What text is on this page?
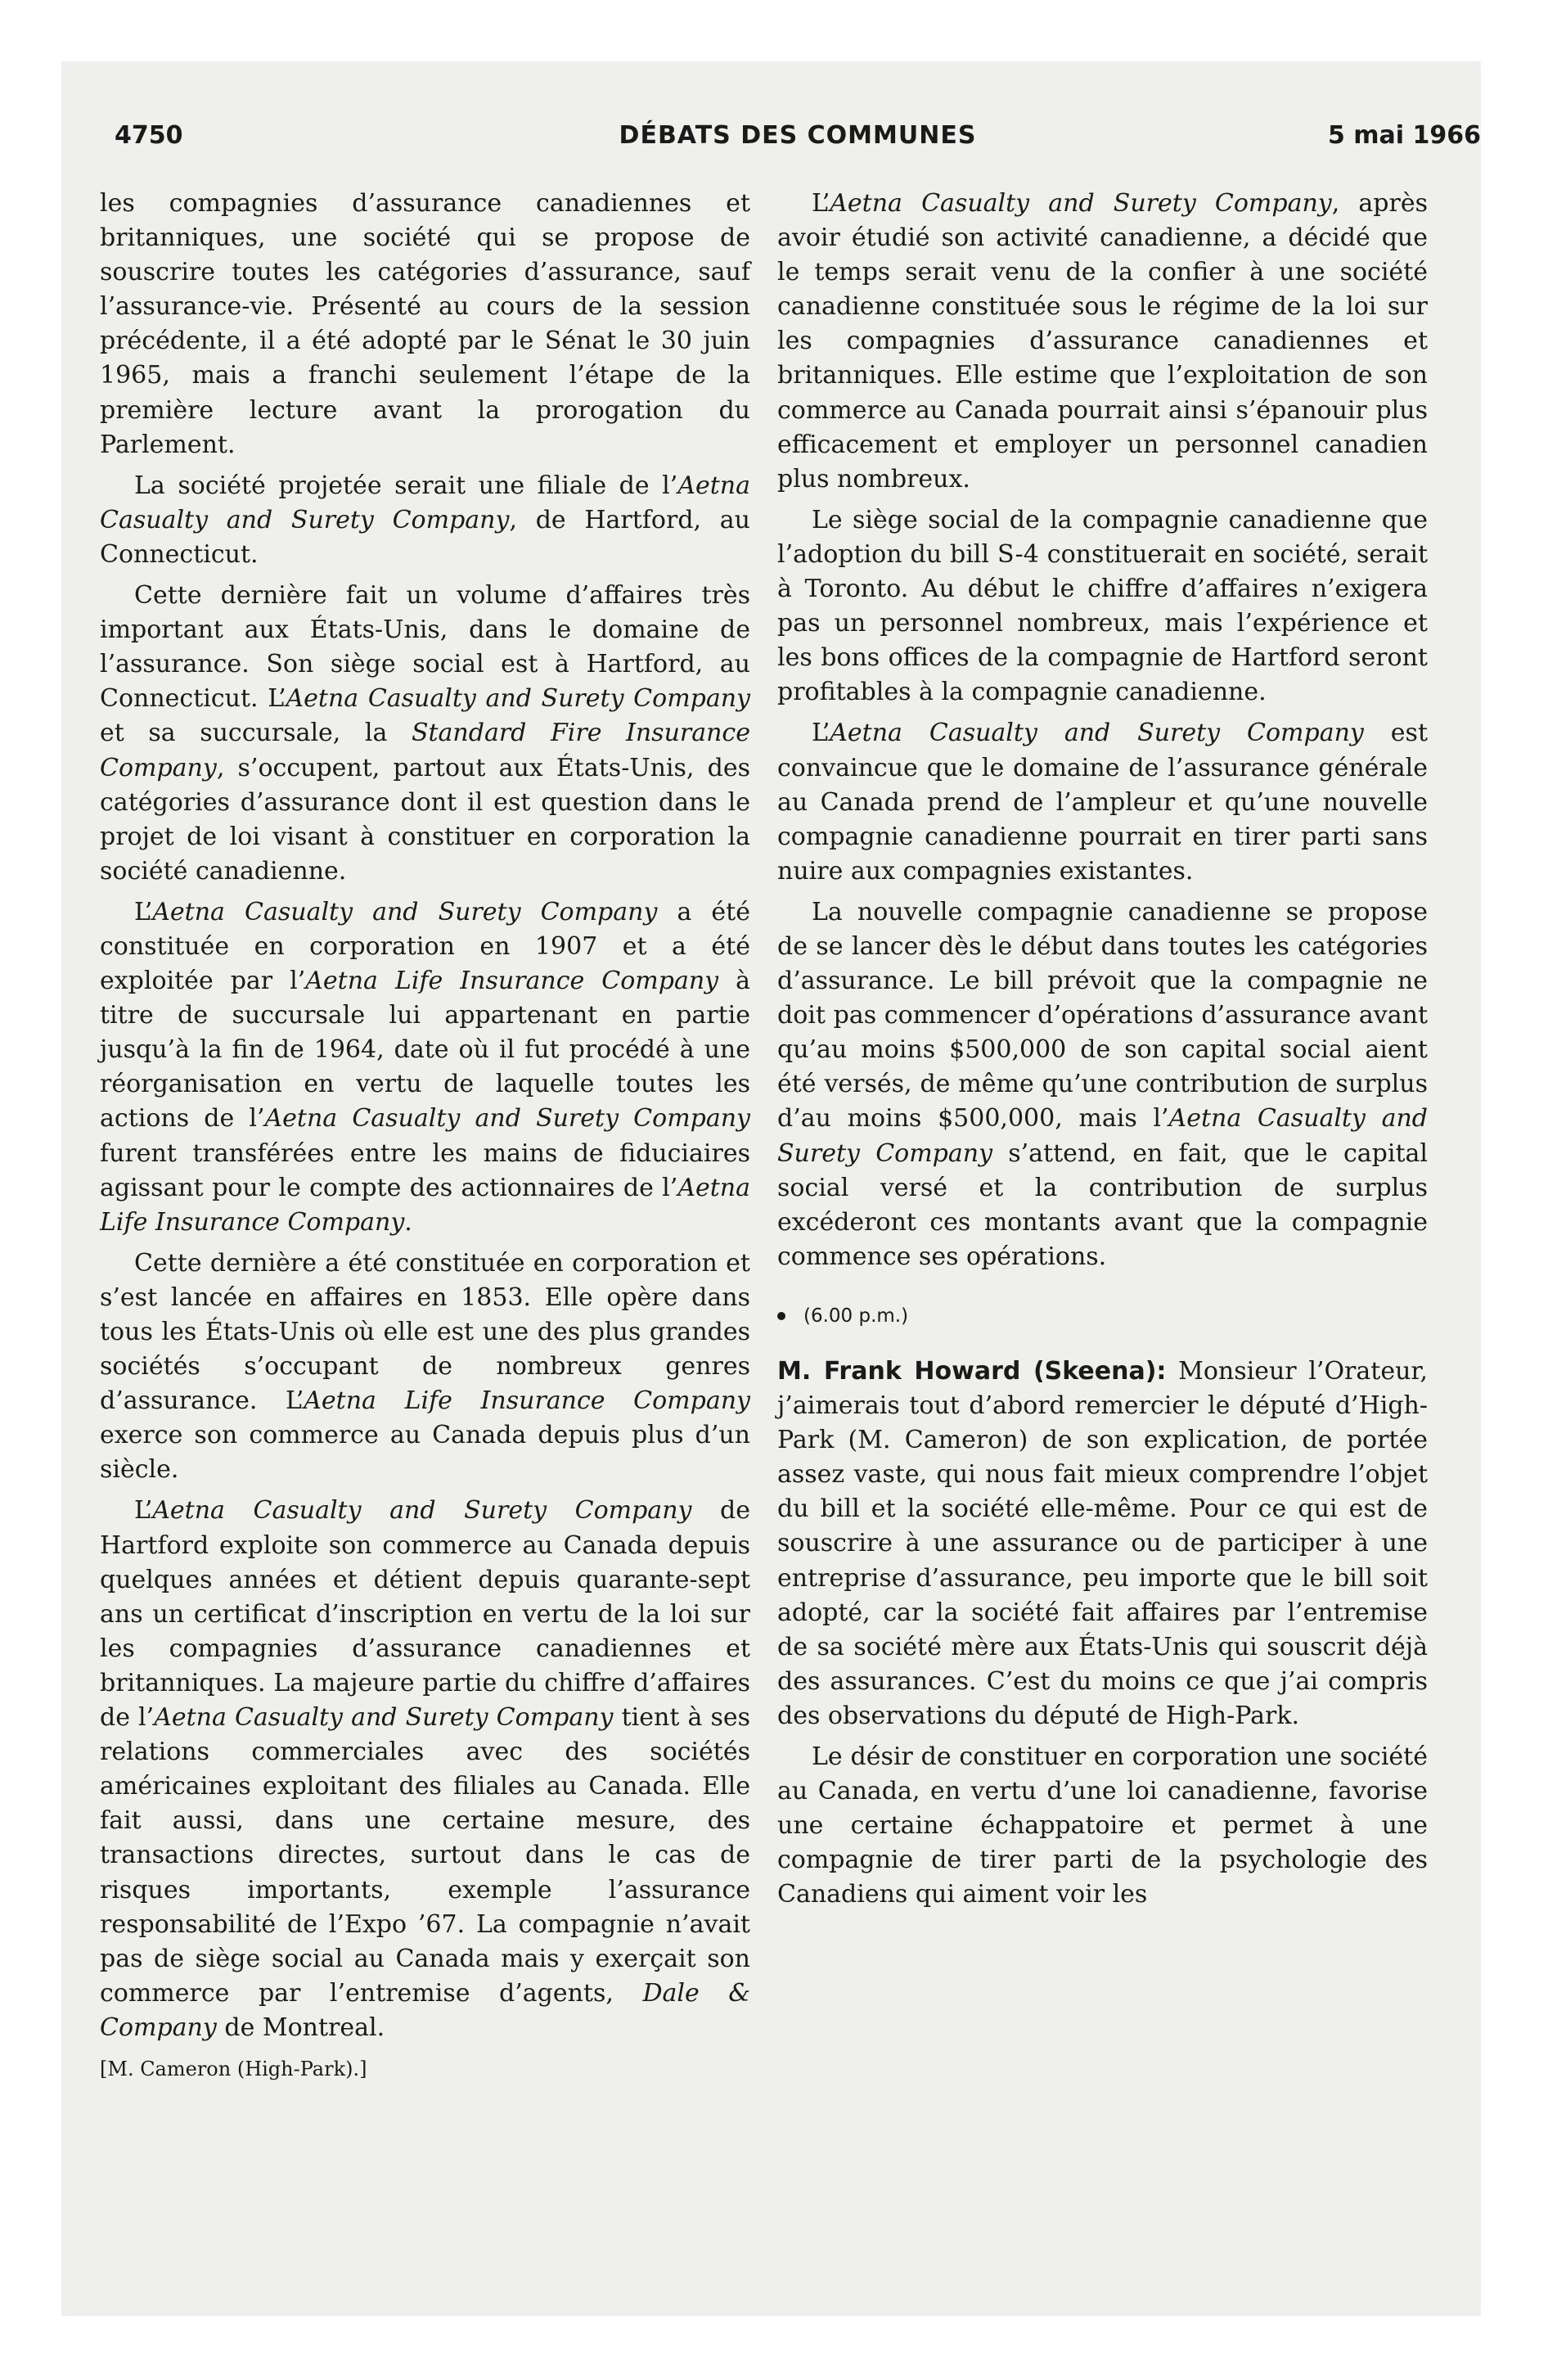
4750	DÉBATS DES COMMUNES	5 mai 1966

les compagnies d’assurance canadiennes et britanniques, une société qui se propose de souscrire toutes les catégories d’assurance, sauf l’assurance-vie. Présenté au cours de la session précédente, il a été adopté par le Sénat le 30 juin 1965, mais a franchi seulement l’étape de la première lecture avant la prorogation du Parlement.

La société projetée serait une filiale de l’Aetna Casualty and Surety Company, de Hartford, au Connecticut.

Cette dernière fait un volume d’affaires très important aux États-Unis, dans le domaine de l’assurance. Son siège social est à Hartford, au Connecticut. L’Aetna Casualty and Surety Company et sa succursale, la Standard Fire Insurance Company, s’occupent, partout aux États-Unis, des catégories d’assurance dont il est question dans le projet de loi visant à constituer en corporation la société canadienne.

L’Aetna Casualty and Surety Company a été constituée en corporation en 1907 et a été exploitée par l’Aetna Life Insurance Company à titre de succursale lui appartenant en partie jusqu’à la fin de 1964, date où il fut procédé à une réorganisation en vertu de laquelle toutes les actions de l’Aetna Casualty and Surety Company furent transférées entre les mains de fiduciaires agissant pour le compte des actionnaires de l’Aetna Life Insurance Company.

Cette dernière a été constituée en corporation et s’est lancée en affaires en 1853. Elle opère dans tous les États-Unis où elle est une des plus grandes sociétés s’occupant de nombreux genres d’assurance. L’Aetna Life Insurance Company exerce son commerce au Canada depuis plus d’un siècle.

L’Aetna Casualty and Surety Company de Hartford exploite son commerce au Canada depuis quelques années et détient depuis quarante-sept ans un certificat d’inscription en vertu de la loi sur les compagnies d’assurance canadiennes et britanniques. La majeure partie du chiffre d’affaires de l’Aetna Casualty and Surety Company tient à ses relations commerciales avec des sociétés américaines exploitant des filiales au Canada. Elle fait aussi, dans une certaine mesure, des transactions directes, surtout dans le cas de risques importants, exemple l’assurance responsabilité de l’Expo ’67. La compagnie n’avait pas de siège social au Canada mais y exerçait son commerce par l’entremise d’agents, Dale & Company de Montreal.

[M. Cameron (High-Park).]

L’Aetna Casualty and Surety Company, après avoir étudié son activité canadienne, a décidé que le temps serait venu de la confier à une société canadienne constituée sous le régime de la loi sur les compagnies d’assurance canadiennes et britanniques. Elle estime que l’exploitation de son commerce au Canada pourrait ainsi s’épanouir plus efficacement et employer un personnel canadien plus nombreux.

Le siège social de la compagnie canadienne que l’adoption du bill S-4 constituerait en société, serait à Toronto. Au début le chiffre d’affaires n’exigera pas un personnel nombreux, mais l’expérience et les bons offices de la compagnie de Hartford seront profitables à la compagnie canadienne.

L’Aetna Casualty and Surety Company est convaincue que le domaine de l’assurance générale au Canada prend de l’ampleur et qu’une nouvelle compagnie canadienne pourrait en tirer parti sans nuire aux compagnies existantes.

La nouvelle compagnie canadienne se propose de se lancer dès le début dans toutes les catégories d’assurance. Le bill prévoit que la compagnie ne doit pas commencer d’opérations d’assurance avant qu’au moins $500,000 de son capital social aient été versés, de même qu’une contribution de surplus d’au moins $500,000, mais l’Aetna Casualty and Surety Company s’attend, en fait, que le capital social versé et la contribution de surplus excéderont ces montants avant que la compagnie commence ses opérations.

(6.00 p.m.)

M. Frank Howard (Skeena): Monsieur l’Orateur, j’aimerais tout d’abord remercier le député d’High-Park (M. Cameron) de son explication, de portée assez vaste, qui nous fait mieux comprendre l’objet du bill et la société elle-même. Pour ce qui est de souscrire à une assurance ou de participer à une entreprise d’assurance, peu importe que le bill soit adopté, car la société fait affaires par l’entremise de sa société mère aux États-Unis qui souscrit déjà des assurances. C’est du moins ce que j’ai compris des observations du député de High-Park.

Le désir de constituer en corporation une société au Canada, en vertu d’une loi canadienne, favorise une certaine échappatoire et permet à une compagnie de tirer parti de la psychologie des Canadiens qui aiment voir les
